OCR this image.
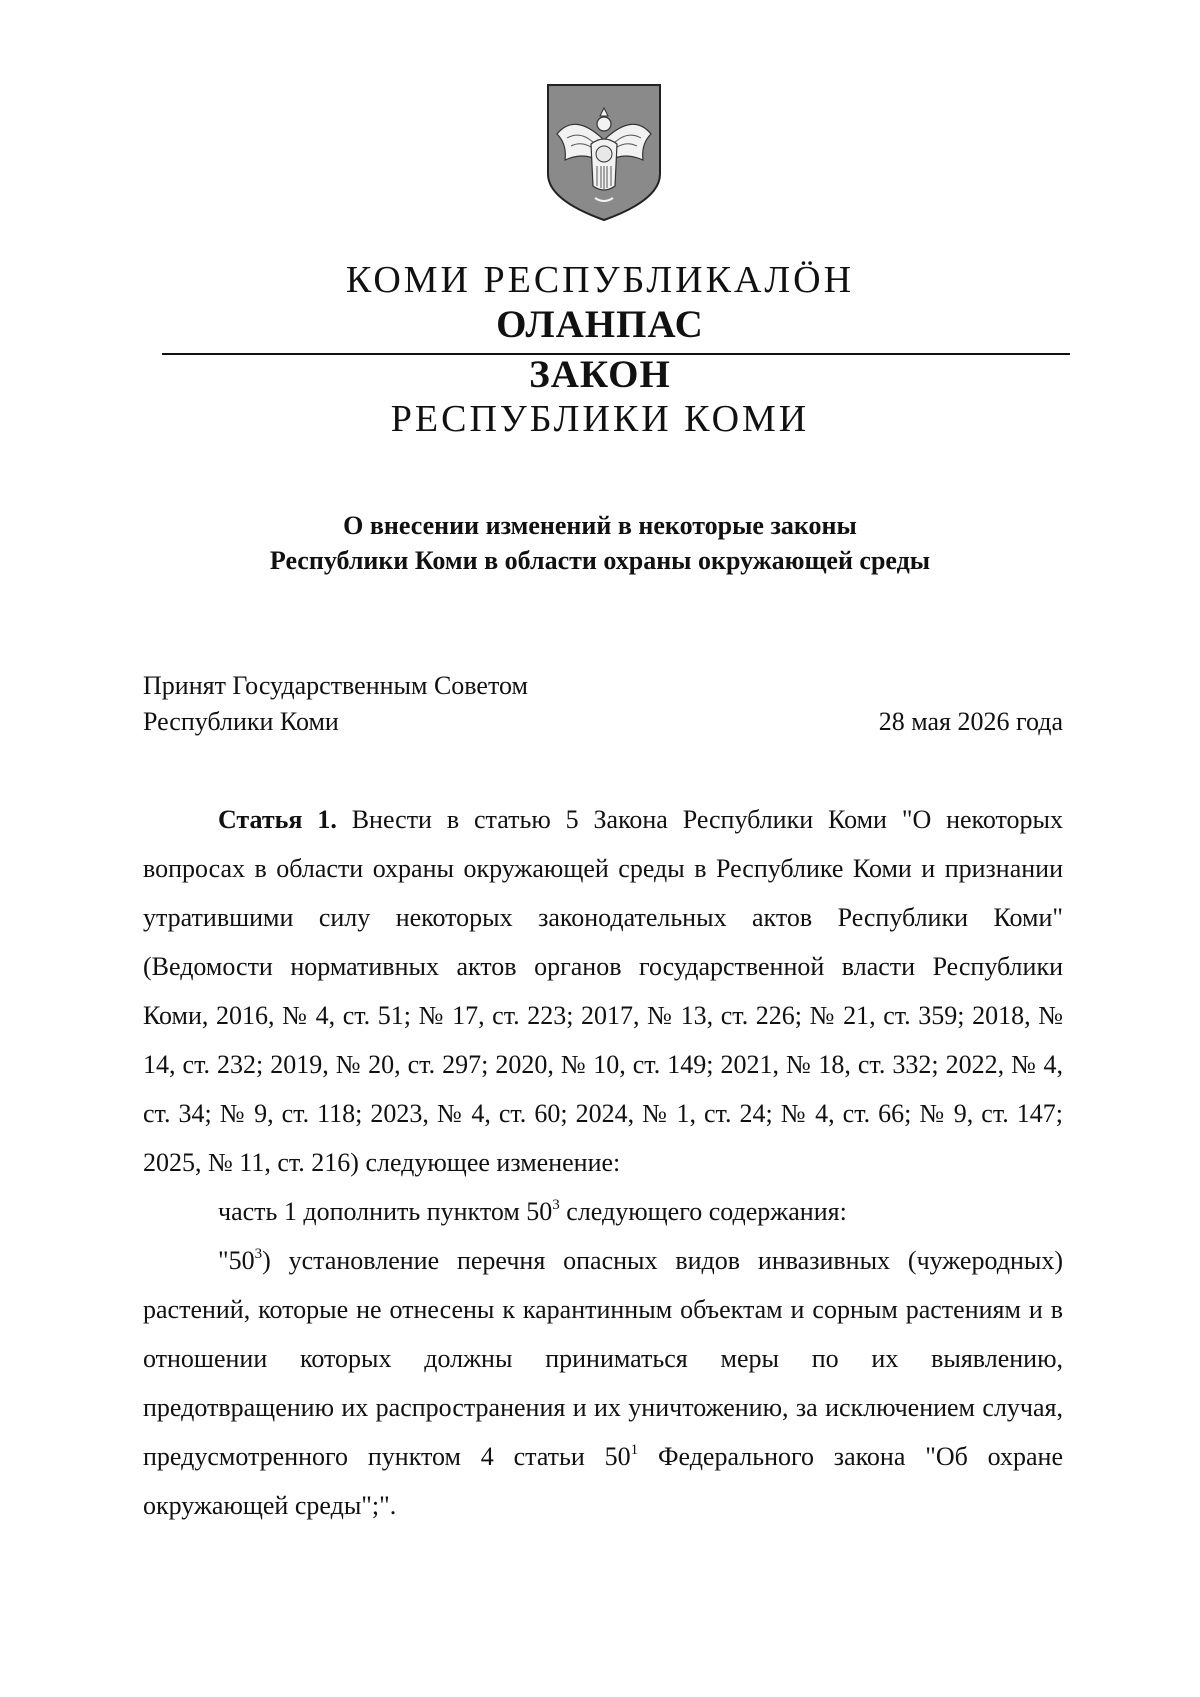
КОМИ РЕСПУБЛИКАЛӦН
ОЛАНПАС
ЗАКОН
РЕСПУБЛИКИ КОМИ
О внесении изменений в некоторые законы
Республики Коми в области охраны окружающей среды
Принят Государственным Советом
Республики Коми	28 мая 2026 года

Статья 1. Внести в статью 5 Закона Республики Коми "О некоторых вопросах в области охраны окружающей среды в Республике Коми и признании утратившими силу некоторых законодательных актов Республики Коми" (Ведомости нормативных актов органов государственной власти Республики Коми, 2016, № 4, ст. 51; № 17, ст. 223; 2017, № 13, ст. 226; № 21, ст. 359; 2018, № 14, ст. 232; 2019, № 20, ст. 297; 2020, № 10, ст. 149; 2021, № 18, ст. 332; 2022, № 4, ст. 34; № 9, ст. 118; 2023, № 4, ст. 60; 2024, № 1, ст. 24; № 4, ст. 66; № 9, ст. 147; 2025, № 11, ст. 216) следующее изменение:

часть 1 дополнить пунктом $50^3$ следующего содержания:

"$50^3$) установление перечня опасных видов инвазивных (чужеродных) растений, которые не отнесены к карантинным объектам и сорным растениям и в отношении которых должны приниматься меры по их выявлению, предотвращению их распространения и их уничтожению, за исключением случая, предусмотренного пунктом 4 статьи $50^1$ Федерального закона "Об охране окружающей среды";".
